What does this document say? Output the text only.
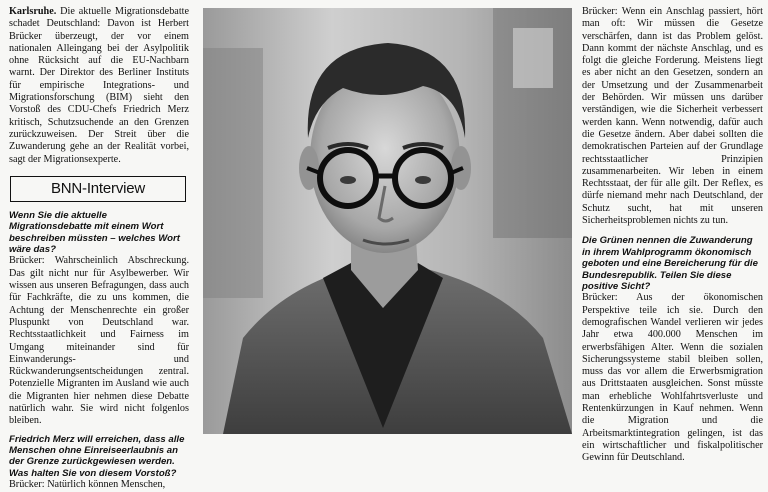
Karlsruhe. Die aktuelle Migrationsdebatte schadet Deutschland: Davon ist Herbert Brücker überzeugt, der vor einem nationalen Alleingang bei der Asylpolitik ohne Rücksicht auf die EU-Nachbarn warnt. Der Direktor des Berliner Instituts für empirische Integrations- und Migrationsforschung (BIM) sieht den Vorstoß des CDU-Chefs Friedrich Merz kritisch, Schutzsuchende an den Grenzen zurückzuweisen. Der Streit über die Zuwanderung gehe an der Realität vorbei, sagt der Migrationsexperte.

BNN-Interview

Wenn Sie die aktuelle Migrationsdebatte mit einem Wort beschreiben müssten – welches Wort wäre das?

Brücker: Wahrscheinlich Abschreckung. Das gilt nicht nur für Asylbewerber. Wir wissen aus unseren Befragungen, dass auch für Fachkräfte, die zu uns kommen, die Achtung der Menschenrechte ein großer Pluspunkt von Deutschland war. Rechtsstaatlichkeit und Fairness im Umgang miteinander sind für Einwanderungs- und Rückwanderungsentscheidungen zentral. Potenzielle Migranten im Ausland wie auch die Migranten hier nehmen diese Debatte natürlich wahr. Sie wird nicht folgenlos bleiben.

Friedrich Merz will erreichen, dass alle Menschen ohne Einreiseerlaubnis an der Grenze zurückgewiesen werden. Was halten Sie von diesem Vorstoß?

Brücker: Natürlich können Menschen,

Brücker: Wenn ein Anschlag passiert, hört man oft: Wir müssen die Gesetze verschärfen, dann ist das Problem gelöst. Dann kommt der nächste Anschlag, und es folgt die gleiche Forderung. Meistens liegt es aber nicht an den Gesetzen, sondern an der Umsetzung und der Zusammenarbeit der Behörden. Wir müssen uns darüber verständigen, wie die Sicherheit verbessert werden kann. Wenn notwendig, dafür auch die Gesetze ändern. Aber dabei sollten die demokratischen Parteien auf der Grundlage rechtsstaatlicher Prinzipien zusammenarbeiten. Wir leben in einem Rechtsstaat, der für alle gilt. Der Reflex, es dürfe niemand mehr nach Deutschland, der Schutz sucht, hat mit unseren Sicherheitsproblemen nichts zu tun.

Die Grünen nennen die Zuwanderung in ihrem Wahlprogramm ökonomisch geboten und eine Bereicherung für die Bundesrepublik. Teilen Sie diese positive Sicht?

Brücker: Aus der ökonomischen Perspektive teile ich sie. Durch den demografischen Wandel verlieren wir jedes Jahr etwa 400.000 Menschen im erwerbsfähigen Alter. Wenn die sozialen Sicherungssysteme stabil bleiben sollen, muss das vor allem die Erwerbsmigration aus Drittstaaten ausgleichen. Sonst müsste man erhebliche Wohlfahrtsverluste und Rentenkürzungen in Kauf nehmen. Wenn die Migration und die Arbeitsmarktintegration gelingen, ist das ein wirtschaftlicher und fiskalpolitischer Gewinn für Deutschland.
